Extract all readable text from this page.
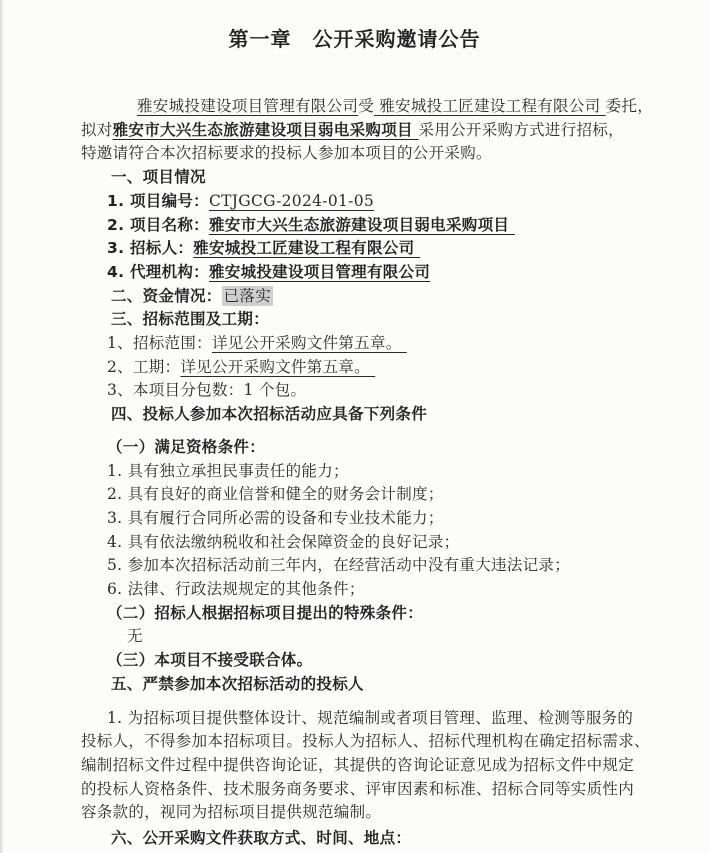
第一章　公开采购邀请公告
雅安城投建设项目管理有限公司受 雅安城投工匠建设工程有限公司 委托，
拟对雅安市大兴生态旅游建设项目弱电采购项目 采用公开采购方式进行招标，
特邀请符合本次招标要求的投标人参加本项目的公开采购。
一、项目情况
1. 项目编号：CTJGCG-2024-01-05
2. 项目名称：雅安市大兴生态旅游建设项目弱电采购项目
3. 招标人：雅安城投工匠建设工程有限公司
4. 代理机构：雅安城投建设项目管理有限公司
二、资金情况： 已落实
三、招标范围及工期：
1、招标范围：详见公开采购文件第五章。
2、工期：详见公开采购文件第五章。
3、本项目分包数：1 个包。
四、投标人参加本次招标活动应具备下列条件
（一）满足资格条件：
1. 具有独立承担民事责任的能力；
2. 具有良好的商业信誉和健全的财务会计制度；
3. 具有履行合同所必需的设备和专业技术能力；
4. 具有依法缴纳税收和社会保障资金的良好记录；
5. 参加本次招标活动前三年内，在经营活动中没有重大违法记录；
6. 法律、行政法规规定的其他条件；
（二）招标人根据招标项目提出的特殊条件：
无
（三）本项目不接受联合体。
五、严禁参加本次招标活动的投标人
1. 为招标项目提供整体设计、规范编制或者项目管理、监理、检测等服务的
投标人，不得参加本招标项目。投标人为招标人、招标代理机构在确定招标需求、
编制招标文件过程中提供咨询论证，其提供的咨询论证意见成为招标文件中规定
的投标人资格条件、技术服务商务要求、评审因素和标准、招标合同等实质性内
容条款的，视同为招标项目提供规范编制。
六、公开采购文件获取方式、时间、地点：
